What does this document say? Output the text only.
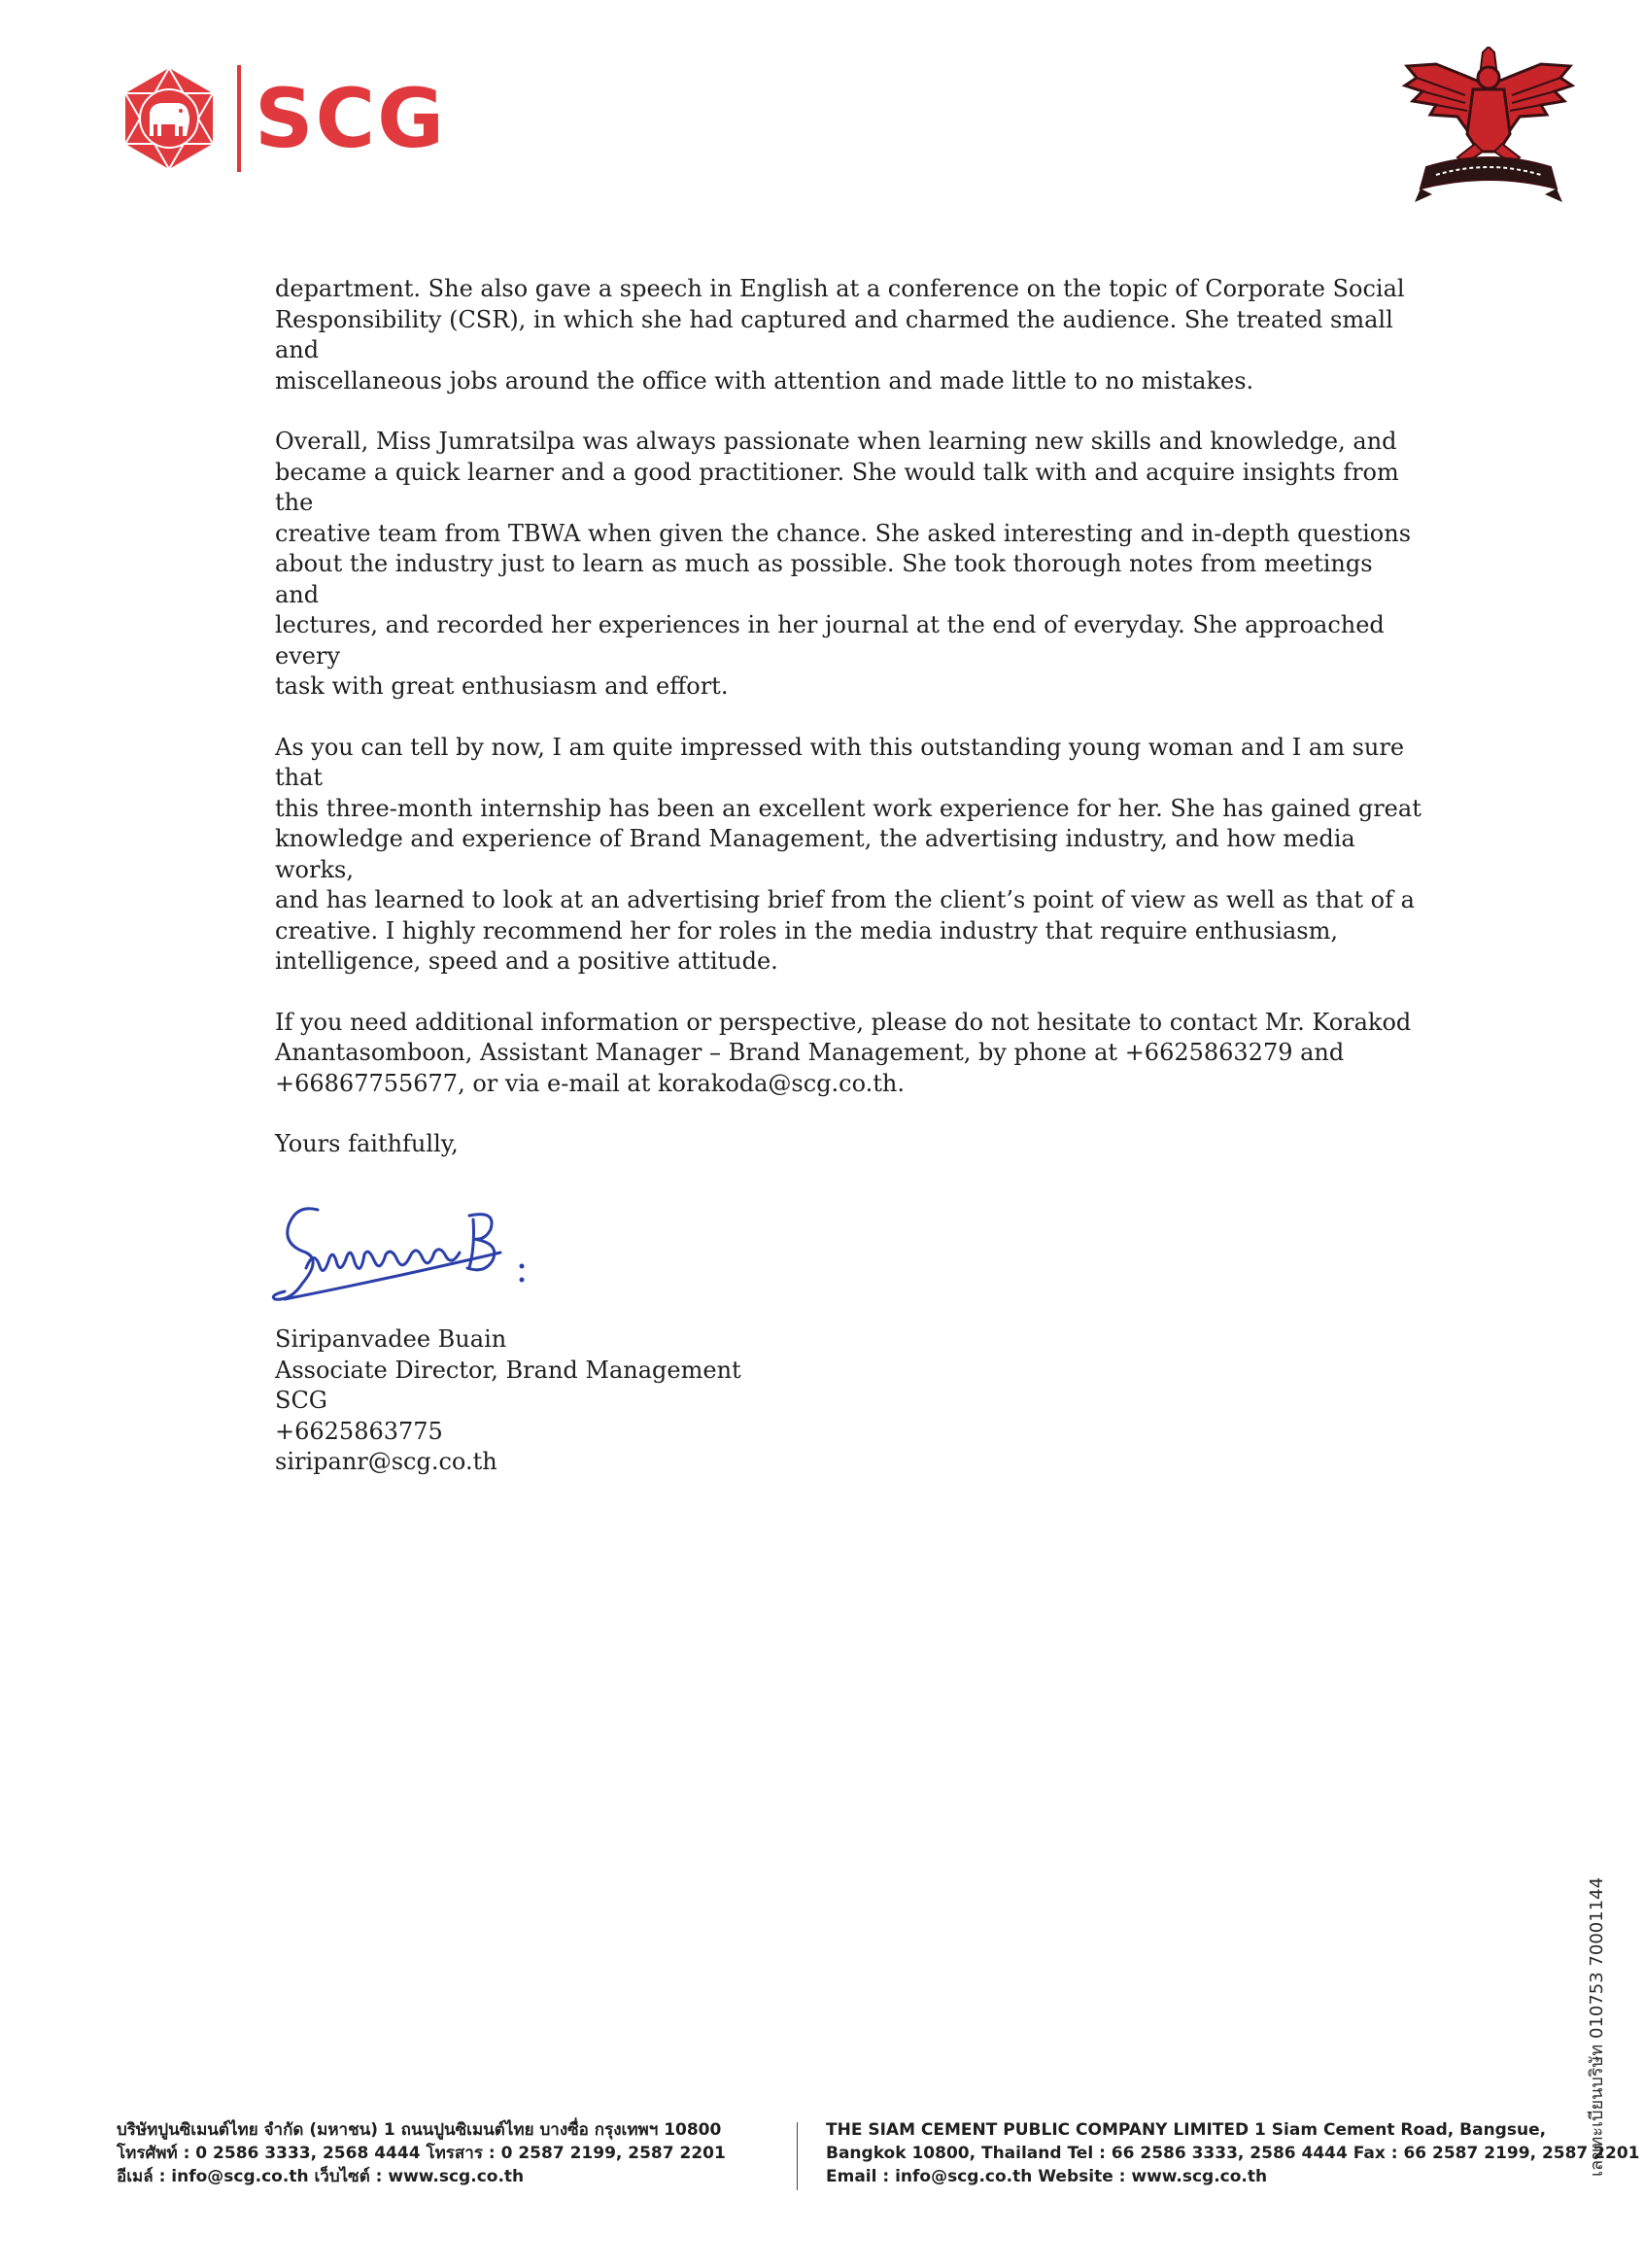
SCG

department. She also gave a speech in English at a conference on the topic of Corporate Social
Responsibility (CSR), in which she had captured and charmed the audience. She treated small and
miscellaneous jobs around the office with attention and made little to no mistakes.

Overall, Miss Jumratsilpa was always passionate when learning new skills and knowledge, and
became a quick learner and a good practitioner. She would talk with and acquire insights from the
creative team from TBWA when given the chance. She asked interesting and in-depth questions
about the industry just to learn as much as possible. She took thorough notes from meetings and
lectures, and recorded her experiences in her journal at the end of everyday. She approached every
task with great enthusiasm and effort.

As you can tell by now, I am quite impressed with this outstanding young woman and I am sure that
this three-month internship has been an excellent work experience for her. She has gained great
knowledge and experience of Brand Management, the advertising industry, and how media works,
and has learned to look at an advertising brief from the client’s point of view as well as that of a
creative. I highly recommend her for roles in the media industry that require enthusiasm,
intelligence, speed and a positive attitude.

If you need additional information or perspective, please do not hesitate to contact Mr. Korakod
Anantasomboon, Assistant Manager – Brand Management, by phone at +6625863279 and
+66867755677, or via e-mail at korakoda@scg.co.th.

Yours faithfully,

Siripanvadee Buain
Associate Director, Brand Management
SCG
+6625863775
siripanr@scg.co.th
เลขทะเบียนบริษัท 010753 70001144
บริษัทปูนซิเมนต์ไทย จำกัด (มหาชน) 1 ถนนปูนซิเมนต์ไทย บางซื่อ กรุงเทพฯ 10800
โทรศัพท์ : 0 2586 3333, 2568 4444 โทรสาร : 0 2587 2199, 2587 2201
อีเมล์ : info@scg.co.th เว็บไซต์ : www.scg.co.th
THE SIAM CEMENT PUBLIC COMPANY LIMITED 1 Siam Cement Road, Bangsue,
Bangkok 10800, Thailand Tel : 66 2586 3333, 2586 4444 Fax : 66 2587 2199, 2587 2201
Email : info@scg.co.th Website : www.scg.co.th
